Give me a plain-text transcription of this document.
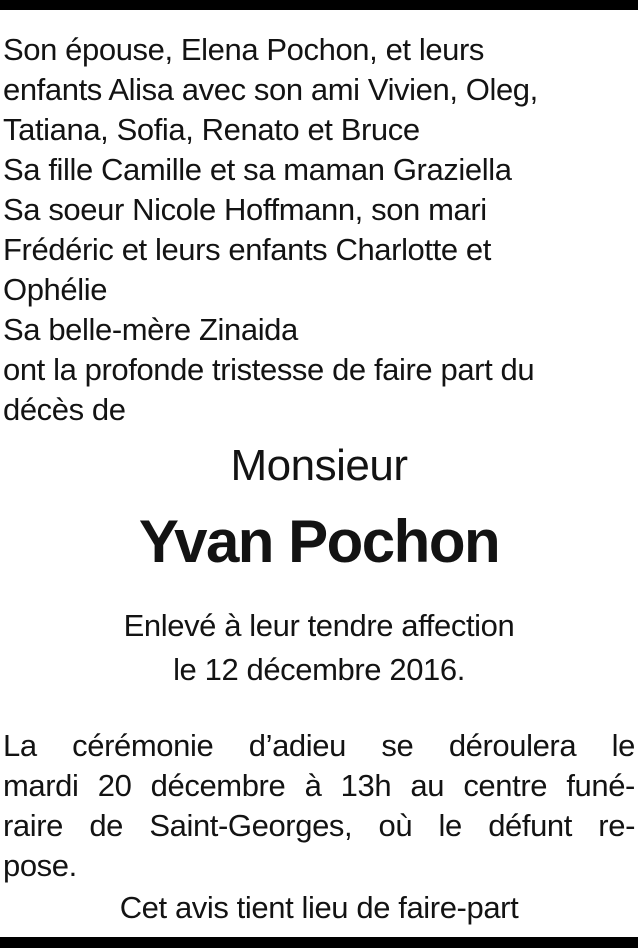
Son épouse, Elena Pochon, et leurs
enfants Alisa avec son ami Vivien, Oleg,
Tatiana, Sofia, Renato et Bruce
Sa fille Camille et sa maman Graziella
Sa soeur Nicole Hoffmann, son mari
Frédéric et leurs enfants Charlotte et
Ophélie
Sa belle-mère Zinaida
ont la profonde tristesse de faire part du
décès de
Monsieur
Yvan Pochon
Enlevé à leur tendre affection
le 12 décembre 2016.
La cérémonie d’adieu se déroulera le
mardi 20 décembre à 13h au centre funé-
raire de Saint-Georges, où le défunt re-
pose.
Cet avis tient lieu de faire-part
